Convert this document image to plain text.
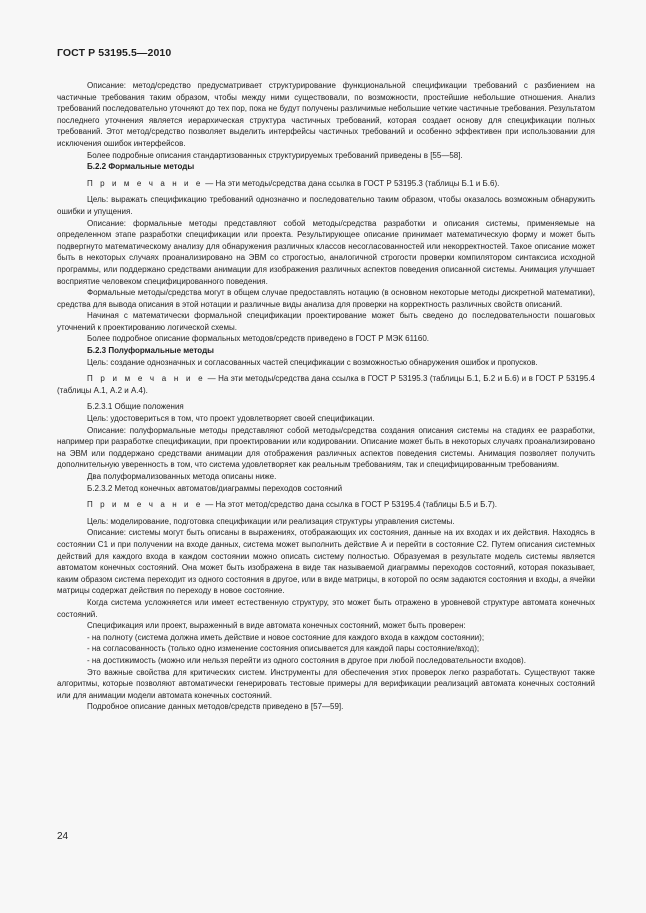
ГОСТ Р 53195.5—2010

Описание: метод/средство предусматривает структурирование функциональной спецификации требований с разбиением на частичные требования таким образом, чтобы между ними существовали, по возможности, простейшие небольшие отношения. Анализ требований последовательно уточняют до тех пор, пока не будут получены различимые небольшие четкие частичные требования. Результатом последнего уточнения является иерархическая структура частичных требований, которая создает основу для спецификации полных требований. Этот метод/средство позволяет выделить интерфейсы частичных требований и особенно эффективен при использовании для исключения ошибок интерфейсов.

Более подробные описания стандартизованных структурируемых требований приведены в [55—58].

Б.2.2 Формальные методы

П р и м е ч а н и е — На эти методы/средства дана ссылка в ГОСТ Р 53195.3 (таблицы Б.1 и Б.6).

Цель: выражать спецификацию требований однозначно и последовательно таким образом, чтобы оказалось возможным обнаружить ошибки и упущения.

Описание: формальные методы представляют собой методы/средства разработки и описания системы, применяемые на определенном этапе разработки спецификации или проекта. Результирующее описание принимает математическую форму и может быть подвергнуто математическому анализу для обнаружения различных классов несогласованностей или некорректностей. Такое описание может быть в некоторых случаях проанализировано на ЭВМ со строгостью, аналогичной строгости проверки компилятором синтаксиса исходной программы, или поддержано средствами анимации для изображения различных аспектов поведения описанной системы. Анимация улучшает восприятие человеком специфицированного поведения.

Формальные методы/средства могут в общем случае предоставлять нотацию (в основном некоторые методы дискретной математики), средства для вывода описания в этой нотации и различные виды анализа для проверки на корректность различных свойств описаний.

Начиная с математически формальной спецификации проектирование может быть сведено до последовательности пошаговых уточнений к проектированию логической схемы.

Более подробное описание формальных методов/средств приведено в ГОСТ Р МЭК 61160.

Б.2.3 Полуформальные методы

Цель: создание однозначных и согласованных частей спецификации с возможностью обнаружения ошибок и пропусков.

П р и м е ч а н и е — На эти методы/средства дана ссылка в ГОСТ Р 53195.3 (таблицы Б.1, Б.2 и Б.6) и в ГОСТ Р 53195.4 (таблицы А.1, А.2 и А.4).

Б.2.3.1 Общие положения

Цель: удостовериться в том, что проект удовлетворяет своей спецификации.

Описание: полуформальные методы представляют собой методы/средства создания описания системы на стадиях ее разработки, например при разработке спецификации, при проектировании или кодировании. Описание может быть в некоторых случаях проанализировано на ЭВМ или поддержано средствами анимации для отображения различных аспектов поведения системы. Анимация позволяет получить дополнительную уверенность в том, что система удовлетворяет как реальным требованиям, так и специфицированным требованиям.

Два полуформализованных метода описаны ниже.

Б.2.3.2 Метод конечных автоматов/диаграммы переходов состояний

П р и м е ч а н и е — На этот метод/средство дана ссылка в ГОСТ Р 53195.4 (таблицы Б.5 и Б.7).

Цель: моделирование, подготовка спецификации или реализация структуры управления системы.

Описание: системы могут быть описаны в выражениях, отображающих их состояния, данные на их входах и их действия. Находясь в состоянии С1 и при получении на входе данных, система может выполнить действие А и перейти в состояние С2. Путем описания системных действий для каждого входа в каждом состоянии можно описать систему полностью. Образуемая в результате модель системы является автоматом конечных состояний. Она может быть изображена в виде так называемой диаграммы переходов состояний, которая показывает, каким образом система переходит из одного состояния в другое, или в виде матрицы, в которой по осям задаются состояния и входы, а ячейки матрицы содержат действия по переходу в новое состояние.

Когда система усложняется или имеет естественную структуру, это может быть отражено в уровневой структуре автомата конечных состояний.

Спецификация или проект, выраженный в виде автомата конечных состояний, может быть проверен:

- на полноту (система должна иметь действие и новое состояние для каждого входа в каждом состоянии);

- на согласованность (только одно изменение состояния описывается для каждой пары состояние/вход);

- на достижимость (можно или нельзя перейти из одного состояния в другое при любой последовательности входов).

Это важные свойства для критических систем. Инструменты для обеспечения этих проверок легко разработать. Существуют также алгоритмы, которые позволяют автоматически генерировать тестовые примеры для верификации реализаций автомата конечных состояний или для анимации модели автомата конечных состояний.

Подробное описание данных методов/средств приведено в [57—59].

24
